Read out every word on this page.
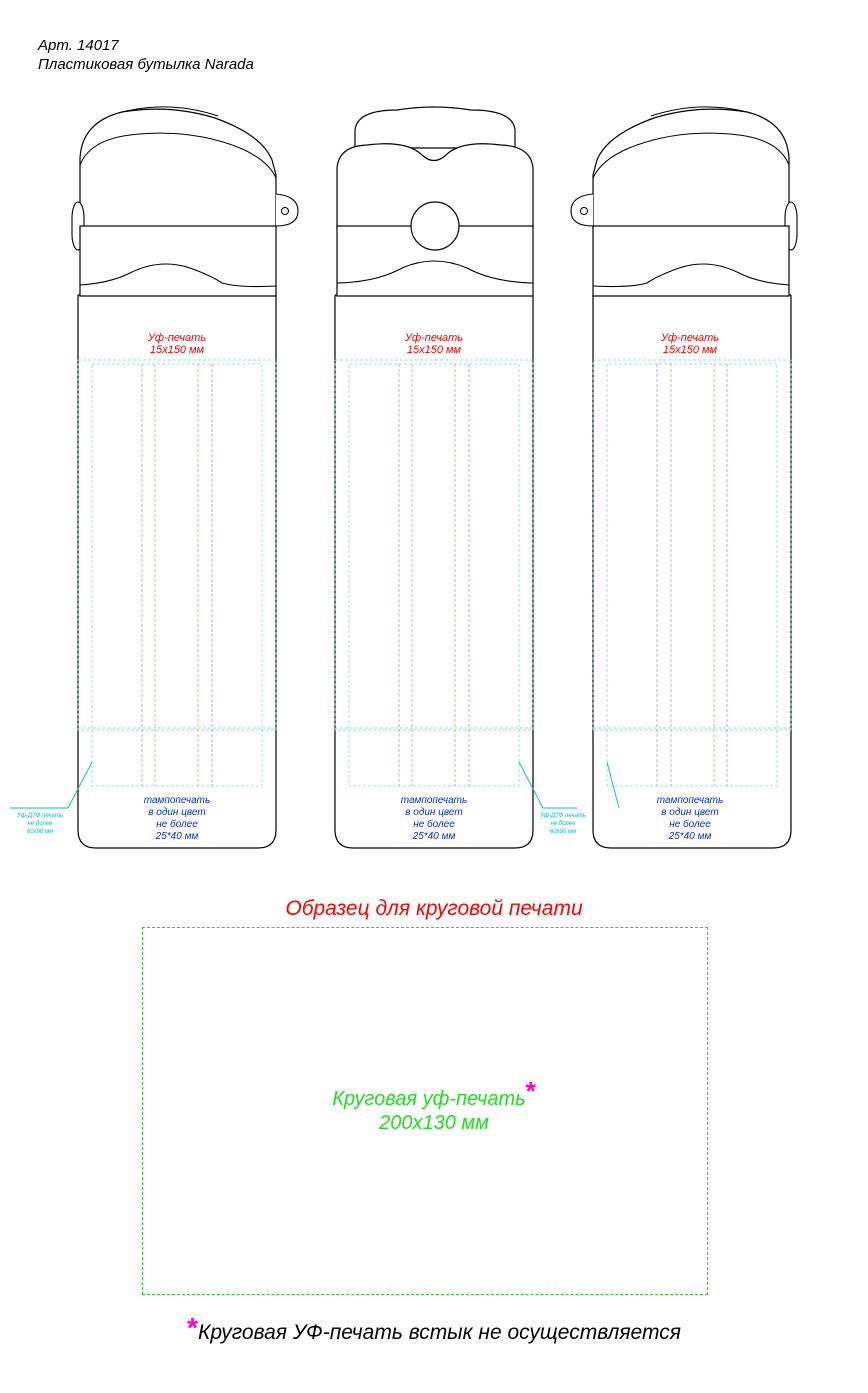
Арт. 14017
Пластиковая бутылка Narada
Уф-печать
15х150 мм
тампопечать
в один цвет
не более
25*40 мм
Уф-ДТФ печать
не более
60х90 мм
Уф-печать
15х150 мм
тампопечать
в один цвет
не более
25*40 мм
Уф-ДТФ печать
не более
60х90 мм
Уф-печать
15х150 мм
тампопечать
в один цвет
не более
25*40 мм
Образец для круговой печати
Круговая уф-печать*
200х130 мм
*Круговая УФ-печать встык не осуществляется
